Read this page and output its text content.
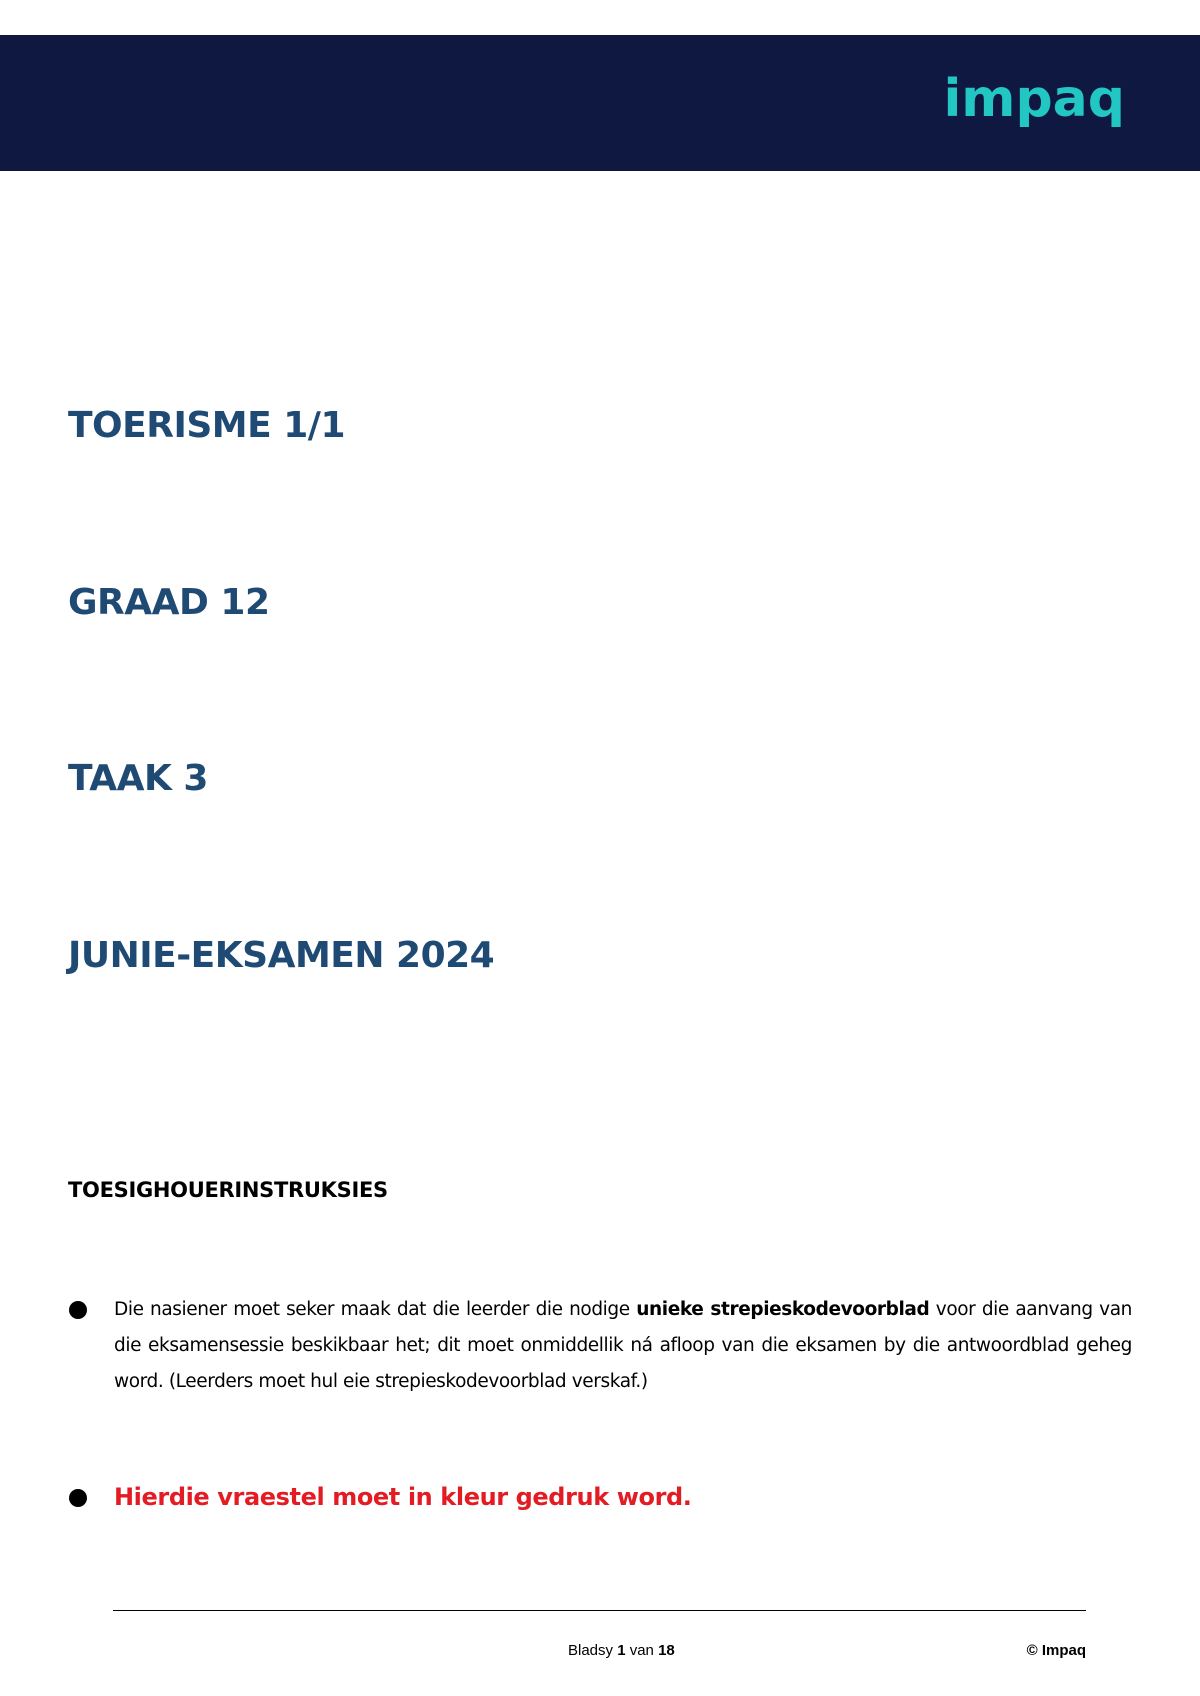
impaq
TOERISME 1/1
GRAAD 12
TAAK 3
JUNIE-EKSAMEN 2024
TOESIGHOUERINSTRUKSIES
Die nasiener moet seker maak dat die leerder die nodige unieke strepieskodevoorblad voor die aanvang van die eksamensessie beskikbaar het; dit moet onmiddellik ná afloop van die eksamen by die antwoordblad geheg word. (Leerders moet hul eie strepieskodevoorblad verskaf.)
Hierdie vraestel moet in kleur gedruk word.
Bladsy 1 van 18	© Impaq
